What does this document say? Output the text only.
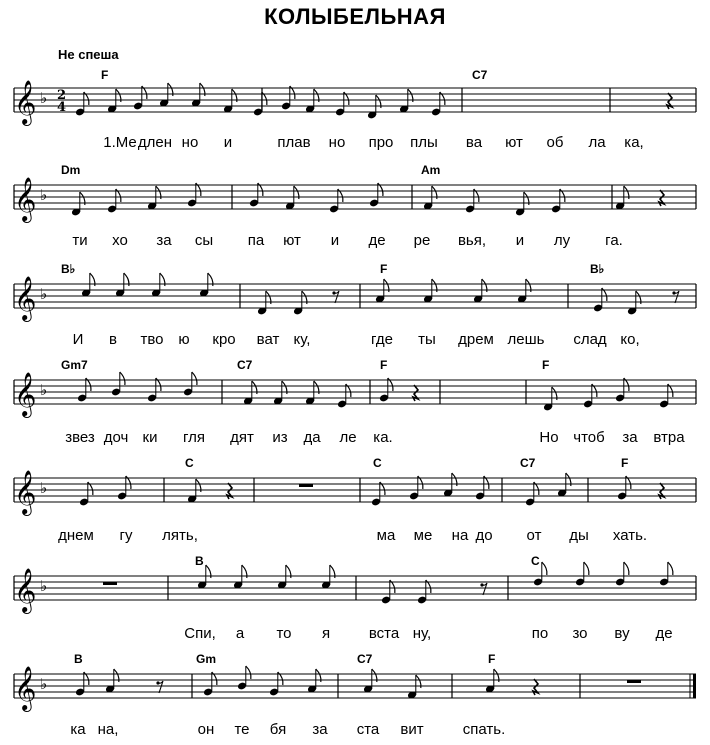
КОЛЫБЕЛЬНАЯ
Не спеша
𝄞 ♭ 2
4
𝄞 ♭
𝄞 ♭
𝄞 ♭
𝄞 ♭
𝄞 ♭
𝄞 ♭
F	C7
Dm	Am
B♭	F	B♭
Gm7	C7	F	F
C	C	C7	F
B	C
B	Gm	C7	F
1.Ме длен но и	плав но про плы ва ют об ла ка,
ти хо за сы па ют и де ре вья, и лу га.
И в тво ю кро ват ку,	где ты дрем лешь слад ко,
звез доч ки гля дят из да ле ка.	Но чтоб за втра
днем гу лять,	ма ме на до от ды хать.
Спи, а то я	вста ну,	по зо ву де
ка на,	он те бя за ста вит	спать.
